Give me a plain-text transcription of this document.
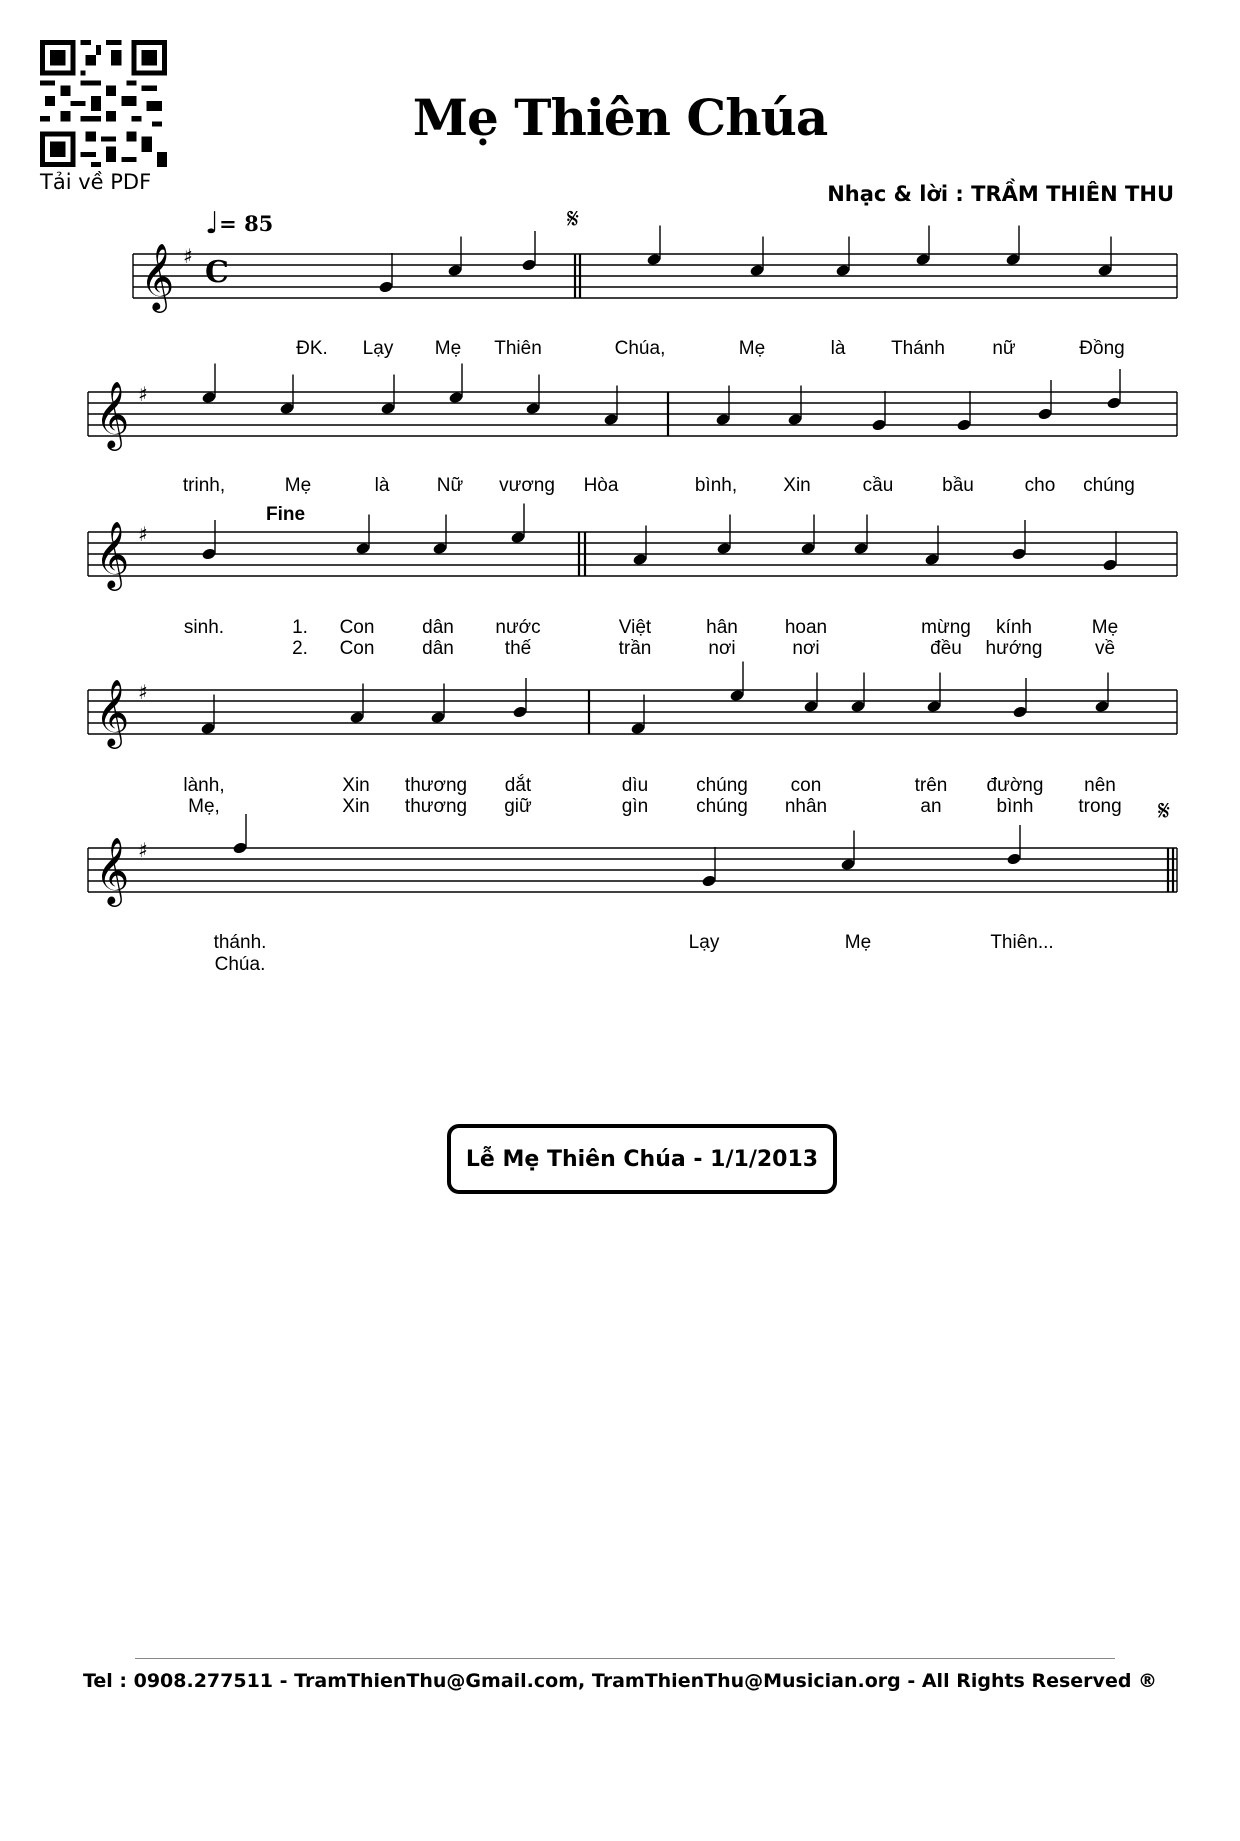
Tải về PDF
Mẹ Thiên Chúa
Nhạc & lời : TRẦM THIÊN THU
♩= 85
Fine
𝄞 ♯
𝄞 ♯
𝄞 ♯
𝄞 ♯
𝄞 ♯
𝄋
𝄋
C
ĐK. Lạy Mẹ Thiên	Chúa,	Mẹ	là Thánh nữ	Đồng
trinh,	Mẹ	là Nữ vương Hòa	bình, Xin	cầu	bầu	cho chúng
sinh.	1. Con	dân nước	Việt	hân hoan	mừng kính	Mẹ
2. Con	dân	thế	trần	nơi	nơi	đều hướng	về
lành,	Xin thương dắt	dìu	chúng con	trên đường nên
Mẹ,	Xin thương giữ	gìn	chúng nhân	an	bình trong
thánh.	Lạy	Mẹ	Thiên...
Chúa.
Lễ Mẹ Thiên Chúa - 1/1/2013
Tel : 0908.277511 - TramThienThu@Gmail.com, TramThienThu@Musician.org - All Rights Reserved ®
